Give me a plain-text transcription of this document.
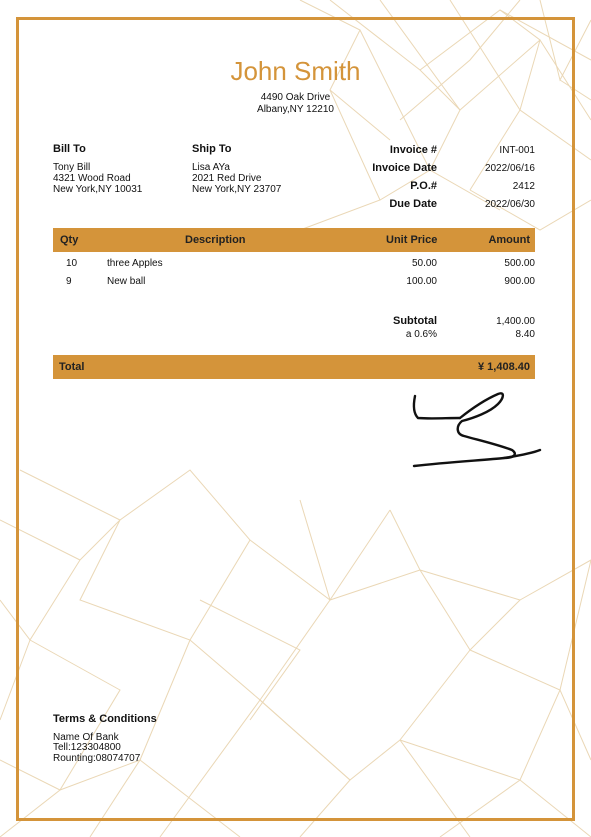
John Smith
4490 Oak Drive
Albany,NY 12210
Bill To
Tony Bill
4321 Wood Road
New York,NY 10031
Ship To
Lisa AYa
2021 Red Drive
New York,NY 23707
Invoice #	INT-001
Invoice Date	2022/06/16
P.O.#	2412
Due Date	2022/06/30
Qty	Description	Unit Price	Amount
10	three Apples	50.00	500.00
9	New ball	100.00	900.00
Subtotal	1,400.00
a 0.6%	8.40
Total	¥ 1,408.40
Terms & Conditions
Name Of Bank
Tell:123304800
Rounting:08074707
